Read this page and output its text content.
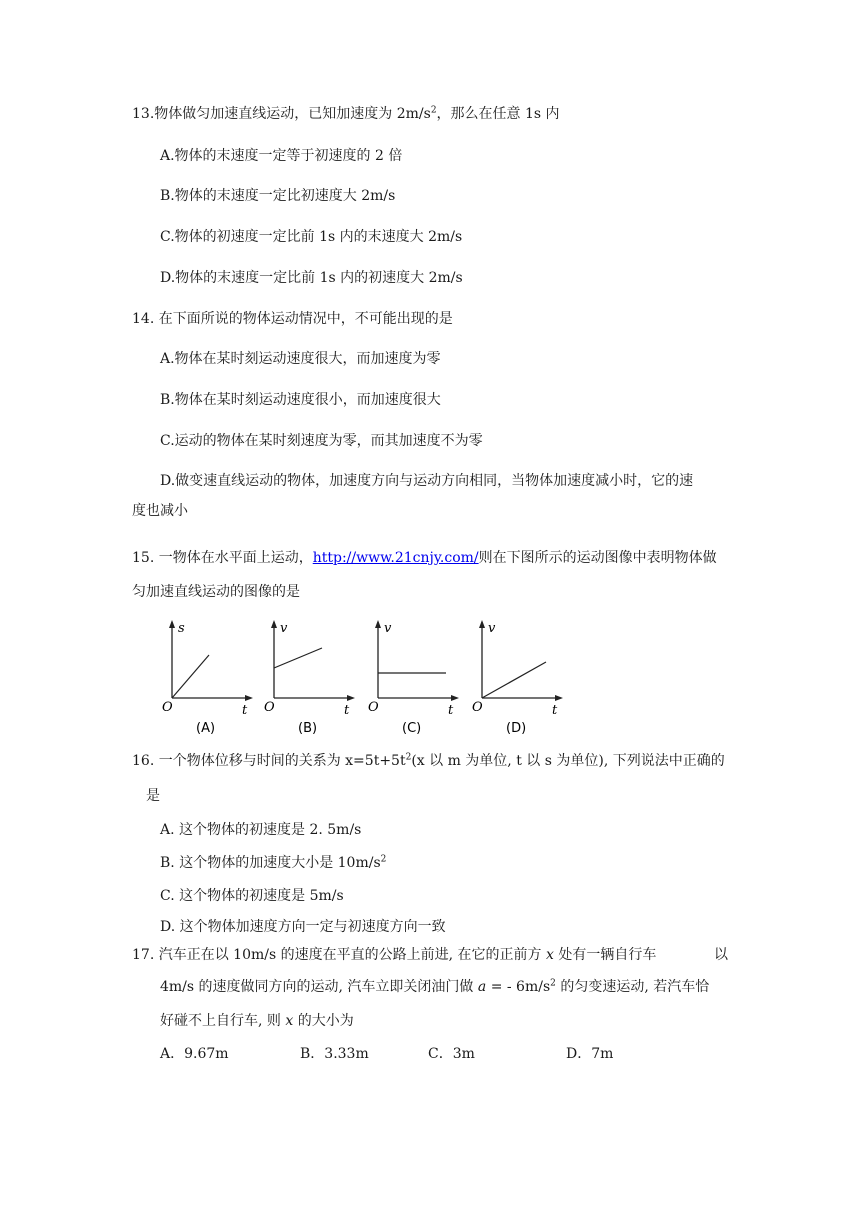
13.物体做匀加速直线运动，已知加速度为 $2m/s^2$，那么在任意 1s 内
A.物体的末速度一定等于初速度的 2 倍
B.物体的末速度一定比初速度大 2m/s
C.物体的初速度一定比前 1s 内的末速度大 2m/s
D.物体的末速度一定比前 1s 内的初速度大 2m/s
14. 在下面所说的物体运动情况中，不可能出现的是
A.物体在某时刻运动速度很大，而加速度为零
B.物体在某时刻运动速度很小，而加速度很大
C.运动的物体在某时刻速度为零，而其加速度不为零
D.做变速直线运动的物体，加速度方向与运动方向相同，当物体加速度减小时，它的速
度也减小
15. 一物体在水平面上运动，http://www.21cnjy.com/则在下图所示的运动图像中表明物体做
匀加速直线运动的图像的是
s
t
O
(A)
v
t
O
(B)
v
t
O
(C)
v
t
O
(D)
16. 一个物体位移与时间的关系为 $x=5t+5t^2(x$ 以 m 为单位, t 以 s 为单位), 下列说法中正确的
是
A. 这个物体的初速度是 2. 5m/s
B. 这个物体的加速度大小是 $10m/s^2$
C. 这个物体的初速度是 5m/s
D. 这个物体加速度方向一定与初速度方向一致
17. 汽车正在以 10m/s 的速度在平直的公路上前进, 在它的正前方 x 处有一辆自行车	以
4m/s 的速度做同方向的运动, 汽车立即关闭油门做 a = - $6m/s^2$ 的匀变速运动, 若汽车恰
好碰不上自行车, 则 x 的大小为
A．9.67m	B．3.33m	C．3m	D．7m
